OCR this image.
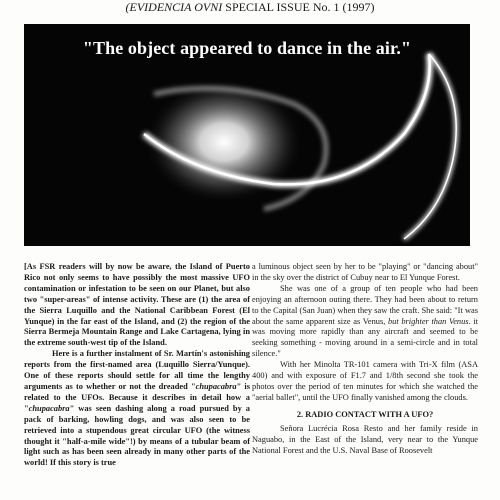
(EVIDENCIA OVNI SPECIAL ISSUE No. 1 (1997)
"The object appeared to dance in the air."

[As FSR readers will by now be aware, the Island of Puerto Rico not only seems to have possibly the most massive UFO contamination or infestation to be seen on our Planet, but also two "super-areas" of intense activity. These are (1) the area of the Sierra Luquillo and the National Caribbean Forest (El Yunque) in the far east of the Island, and (2) the region of the Sierra Bermeja Mountain Range and Lake Cartagena, lying in the extreme south-west tip of the Island.

Here is a further instalment of Sr. Martín's astonishing reports from the first-named area (Luquillo Sierra/Yunque). One of these reports should settle for all time the lengthy arguments as to whether or not the dreaded "chupacabra" is related to the UFOs. Because it describes in detail how a "chupacabra" was seen dashing along a road pursued by a pack of barking, howling dogs, and was also seen to be retrieved into a stupendous great circular UFO (the witness thought it "half-a-mile wide"!) by means of a tubular beam of light such as has been seen already in many other parts of the world! If this story is true

a luminous object seen by her to be "playing" or "dancing about" in the sky over the district of Cubuy near to El Yunque Forest.

She was one of a group of ten people who had been enjoying an afternoon outing there. They had been about to return to the Capital (San Juan) when they saw the craft. She said: "It was about the same apparent size as Venus, but brighter than Venus. it was moving more rapidly than any aircraft and seemed to be seeking something - moving around in a semi-circle and in total silence."

With her Minolta TR-101 camera with Tri-X film (ASA 400) and with exposure of F1.7 and 1/8th second she took the photos over the period of ten minutes for which she watched the "aerial ballet", until the UFO finally vanished among the clouds.

2. RADIO CONTACT WITH A UFO?

Señora Lucrécia Rosa Resto and her family reside in Naguabo, in the East of the Island, very near to the Yunque National Forest and the U.S. Naval Base of Roosevelt
